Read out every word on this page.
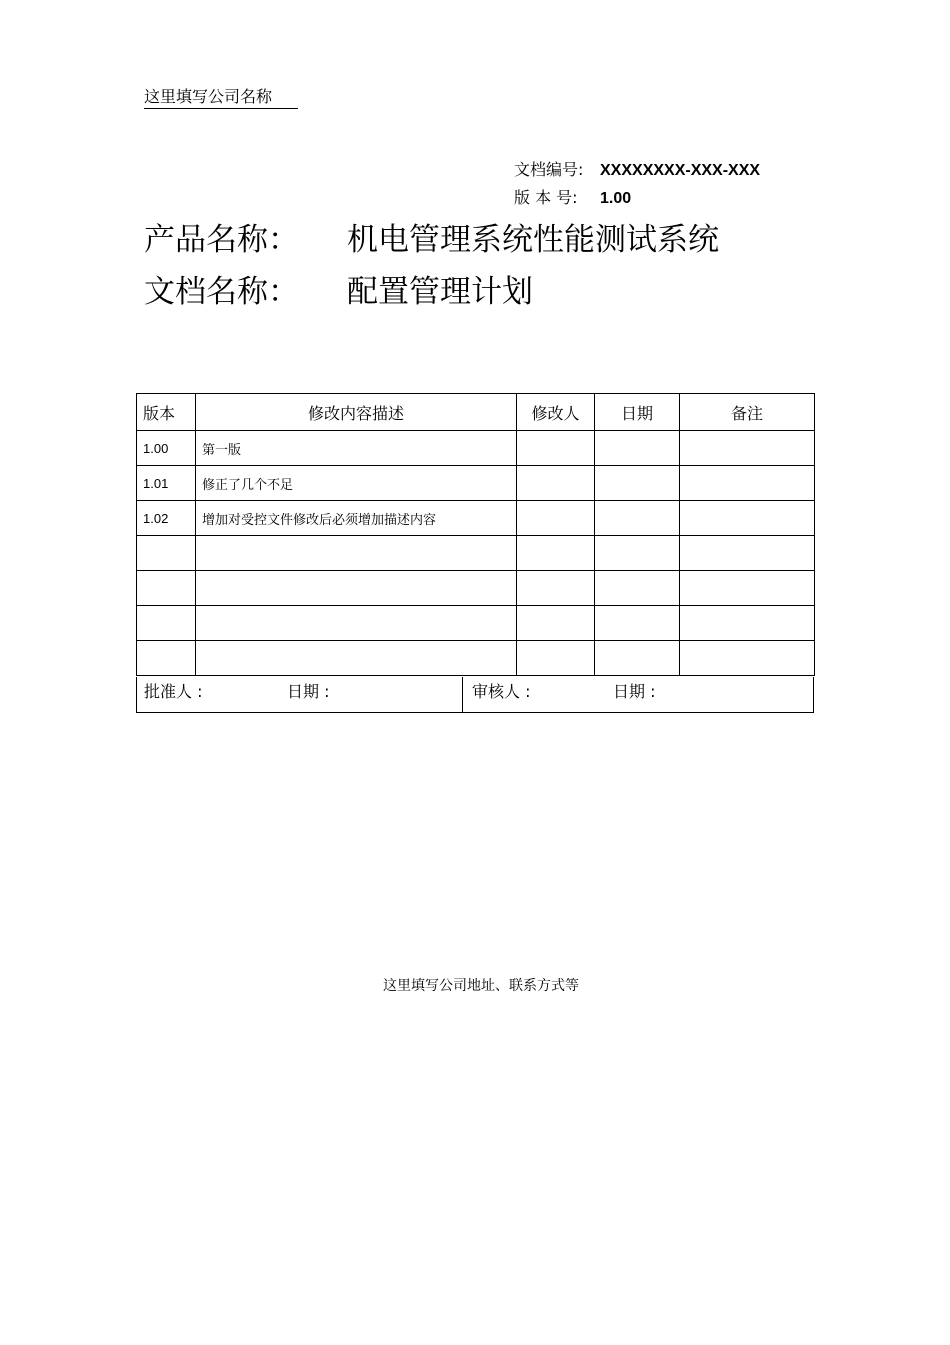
这里填写公司名称
文档编号: XXXXXXXX-XXX-XXX
版 本 号: 1.00
产品名称： 机电管理系统性能测试系统
文档名称： 配置管理计划
版本	修改内容描述	修改人	日期	备注
1.00	第一版			
1.01	修正了几个不足			
1.02	增加对受控文件修改后必须增加描述内容			

批准人 :	日期 :	审核人 :	日期 :
这里填写公司地址、联系方式等
